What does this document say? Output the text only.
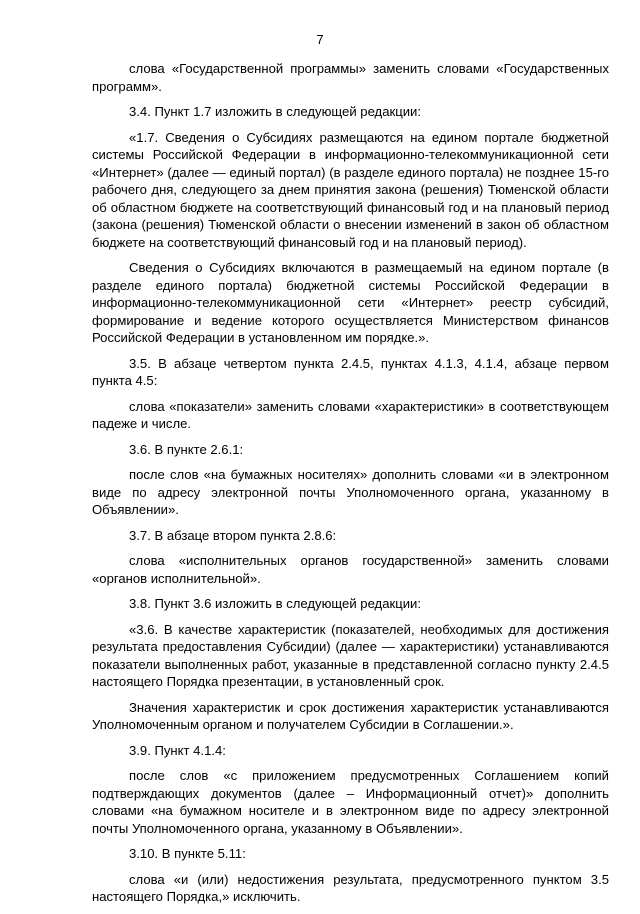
7

слова «Государственной программы» заменить словами «Государственных программ».

3.4. Пункт 1.7 изложить в следующей редакции:

«1.7. Сведения о Субсидиях размещаются на едином портале бюджетной системы Российской Федерации в информационно-телекоммуникационной сети «Интернет» (далее — единый портал) (в разделе единого портала) не позднее 15-го рабочего дня, следующего за днем принятия закона (решения) Тюменской области об областном бюджете на соответствующий финансовый год и на плановый период (закона (решения) Тюменской области о внесении изменений в закон об областном бюджете на соответствующий финансовый год и на плановый период).

Сведения о Субсидиях включаются в размещаемый на едином портале (в разделе единого портала) бюджетной системы Российской Федерации в информационно-телекоммуникационной сети «Интернет» реестр субсидий, формирование и ведение которого осуществляется Министерством финансов Российской Федерации в установленном им порядке.».

3.5. В абзаце четвертом пункта 2.4.5, пунктах 4.1.3, 4.1.4, абзаце первом пункта 4.5:

слова «показатели» заменить словами «характеристики» в соответствующем падеже и числе.

3.6. В пункте 2.6.1:

после слов «на бумажных носителях» дополнить словами «и в электронном виде по адресу электронной почты Уполномоченного органа, указанному в Объявлении».

3.7. В абзаце втором пункта 2.8.6:

слова «исполнительных органов государственной» заменить словами «органов исполнительной».

3.8. Пункт 3.6 изложить в следующей редакции:

«3.6. В качестве характеристик (показателей, необходимых для достижения результата предоставления Субсидии) (далее — характеристики) устанавливаются показатели выполненных работ, указанные в представленной согласно пункту 2.4.5 настоящего Порядка презентации, в установленный срок.

Значения характеристик и срок достижения характеристик устанавливаются Уполномоченным органом и получателем Субсидии в Соглашении.».

3.9. Пункт 4.1.4:

после слов «с приложением предусмотренных Соглашением копий подтверждающих документов (далее – Информационный отчет)» дополнить словами «на бумажном носителе и в электронном виде по адресу электронной почты Уполномоченного органа, указанному в Объявлении».

3.10. В пункте 5.11:

слова «и (или) недостижения результата, предусмотренного пунктом 3.5 настоящего Порядка,» исключить.
